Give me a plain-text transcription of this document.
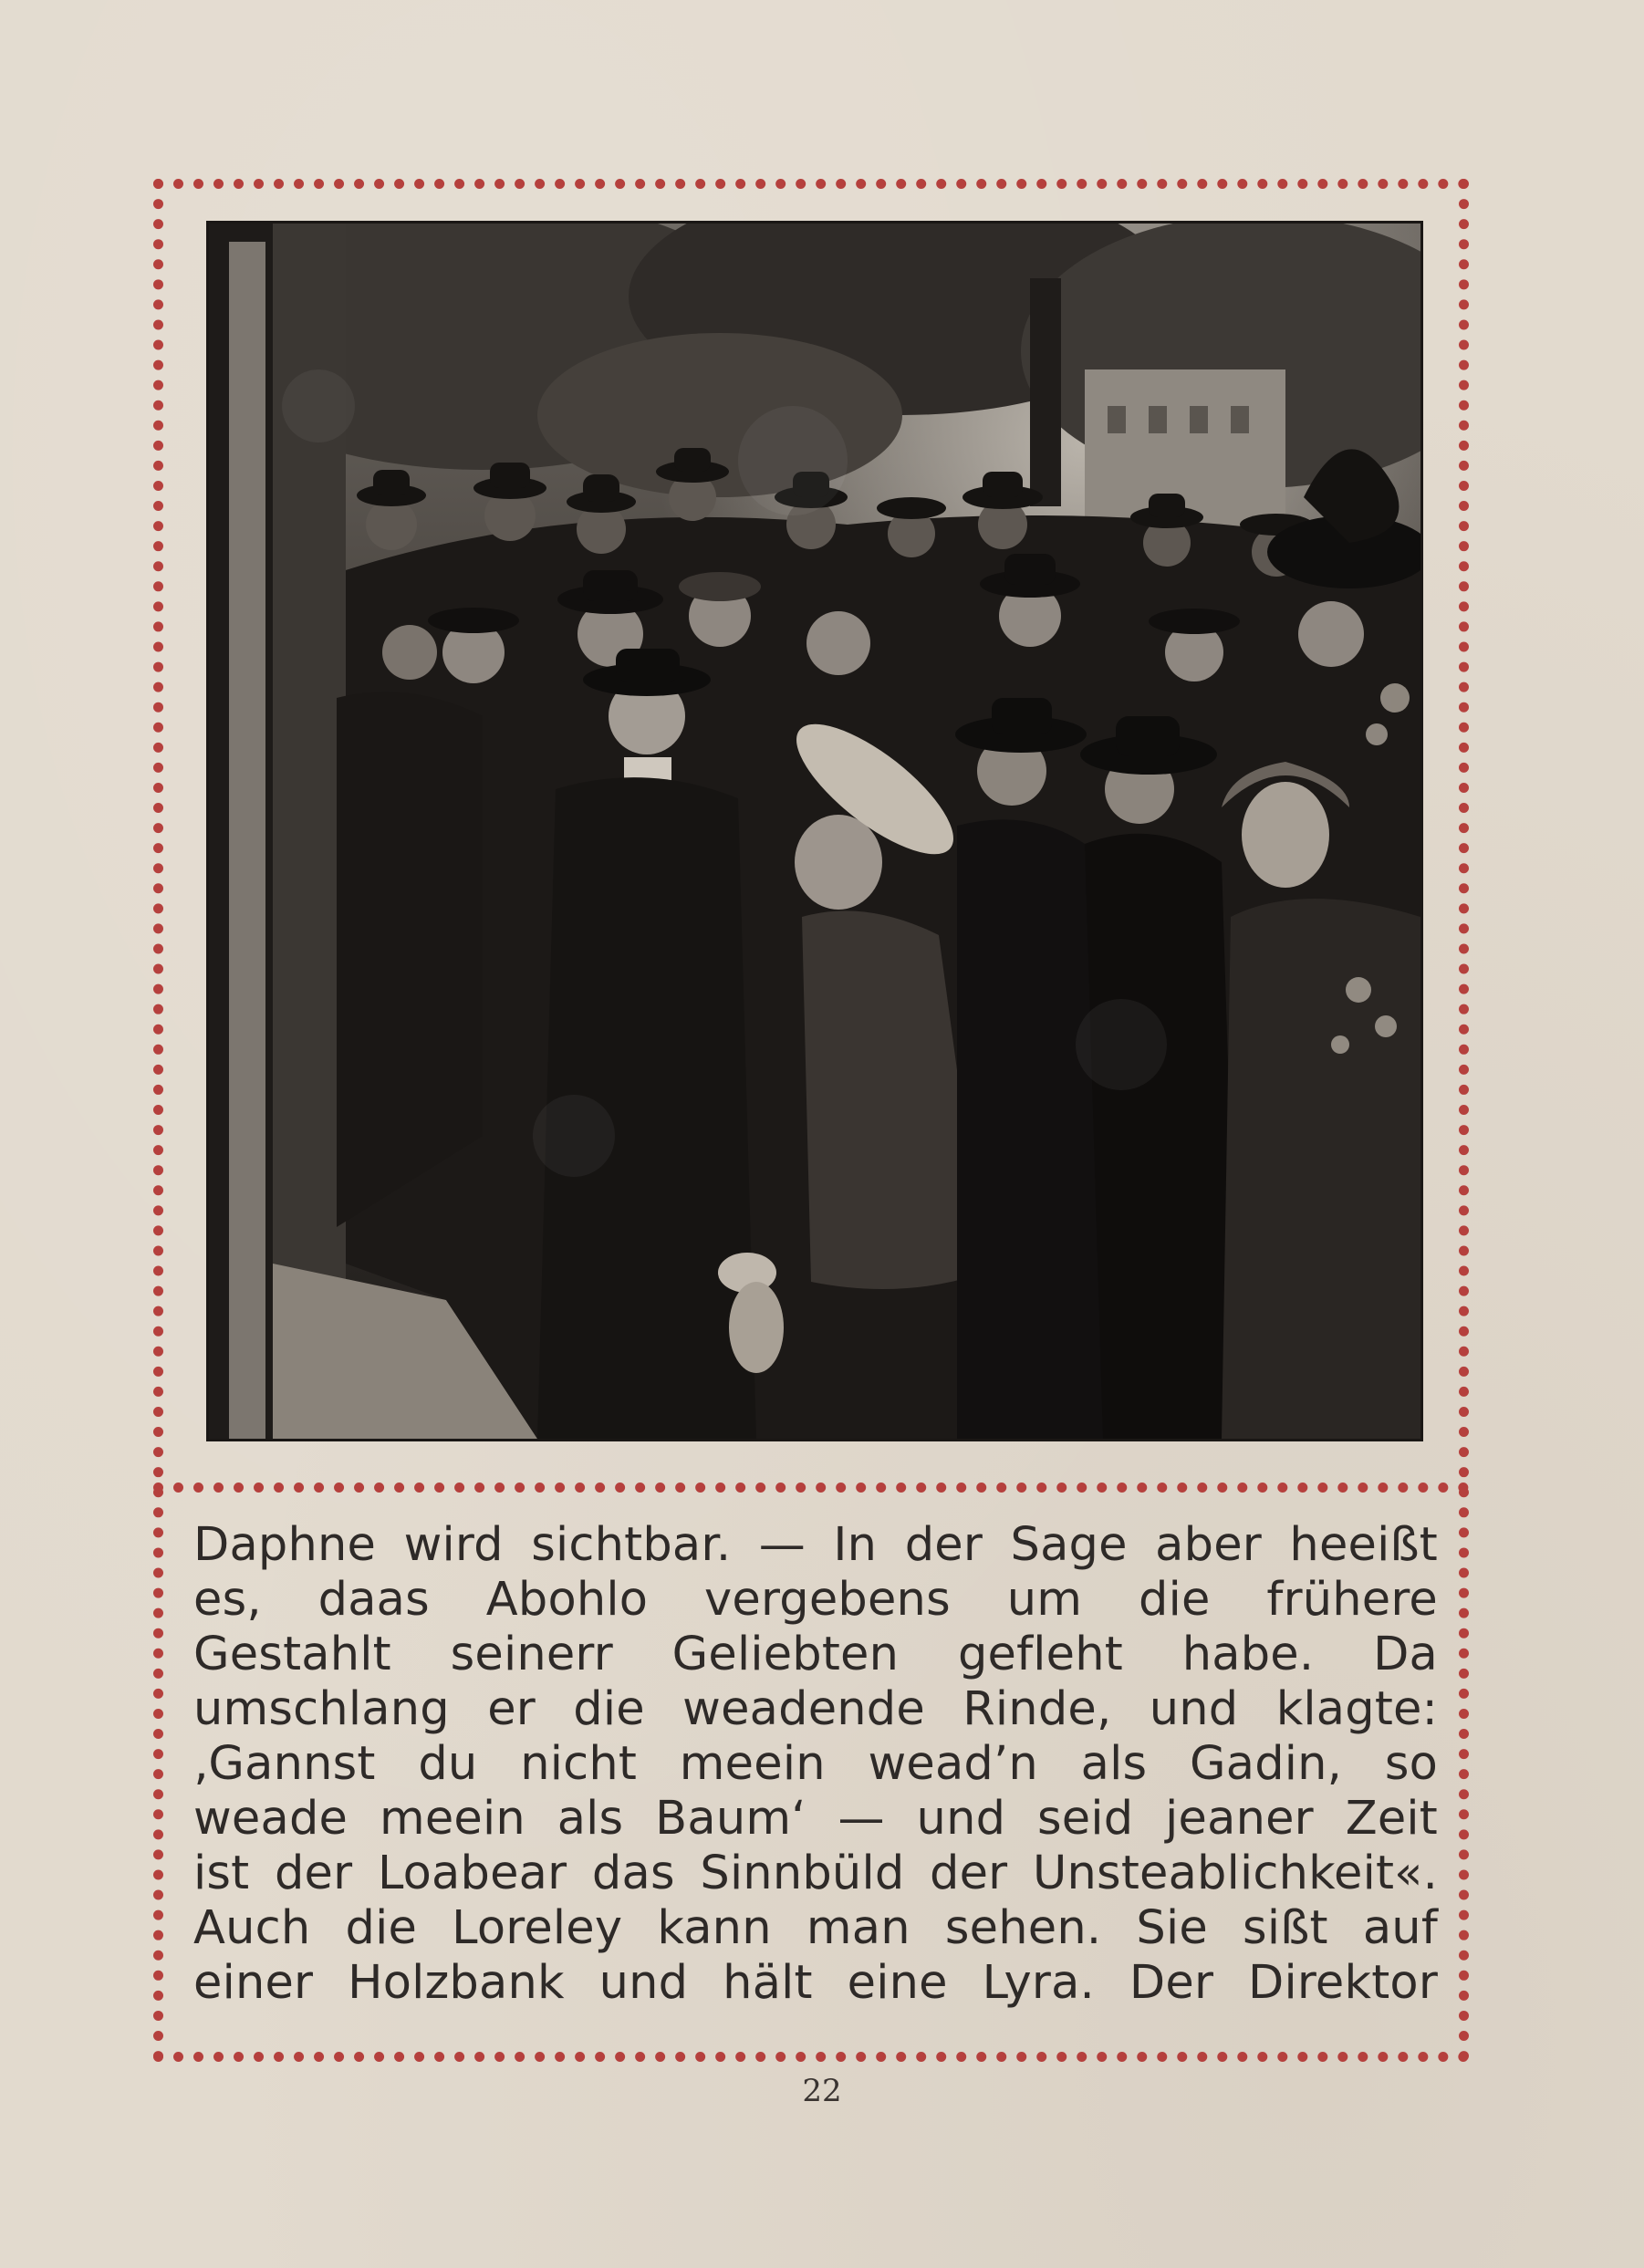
Daphne wird sichtbar. — In der Sage aber heeißt
es, daas Abohlo vergebens um die frühere
Gestahlt seinerr Geliebten gefleht habe. Da
umschlang er die weadende Rinde, und klagte:
‚Gannst du nicht meein wead’n als Gadin, so
weade meein als Baum‘ — und seid jeaner Zeit
ist der Loabear das Sinnbüld der Unsteablichkeit«.
Auch die Loreley kann man sehen. Sie sißt auf
einer Holzbank und hält eine Lyra. Der Direktor
22
